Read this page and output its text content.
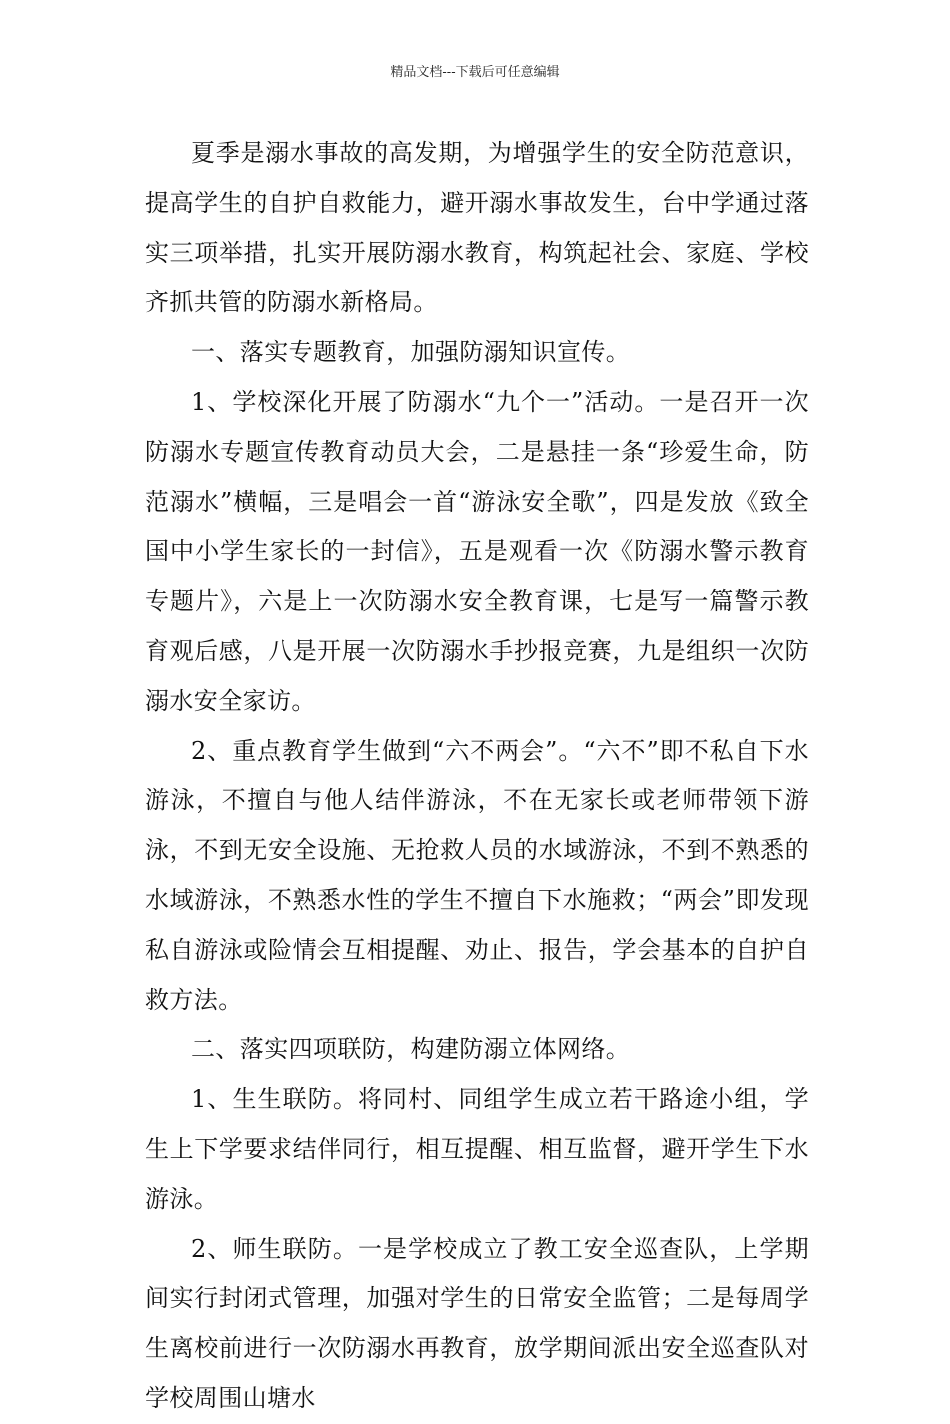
精品文档---下载后可任意编辑

夏季是溺水事故的高发期，为增强学生的安全防范意识，提高学生的自护自救能力，避开溺水事故发生，台中学通过落实三项举措，扎实开展防溺水教育，构筑起社会、家庭、学校齐抓共管的防溺水新格局。

一、落实专题教育，加强防溺知识宣传。

1、学校深化开展了防溺水“九个一”活动。一是召开一次防溺水专题宣传教育动员大会，二是悬挂一条“珍爱生命，防范溺水”横幅，三是唱会一首“游泳安全歌”，四是发放《致全国中小学生家长的一封信》，五是观看一次《防溺水警示教育专题片》，六是上一次防溺水安全教育课，七是写一篇警示教育观后感，八是开展一次防溺水手抄报竞赛，九是组织一次防溺水安全家访。

2、重点教育学生做到“六不两会”。“六不”即不私自下水游泳，不擅自与他人结伴游泳，不在无家长或老师带领下游泳，不到无安全设施、无抢救人员的水域游泳，不到不熟悉的水域游泳，不熟悉水性的学生不擅自下水施救；“两会”即发现私自游泳或险情会互相提醒、劝止、报告，学会基本的自护自救方法。

二、落实四项联防，构建防溺立体网络。

1、生生联防。将同村、同组学生成立若干路途小组，学生上下学要求结伴同行，相互提醒、相互监督，避开学生下水游泳。

2、师生联防。一是学校成立了教工安全巡查队，上学期间实行封闭式管理，加强对学生的日常安全监管；二是每周学生离校前进行一次防溺水再教育，放学期间派出安全巡查队对学校周围山塘水
